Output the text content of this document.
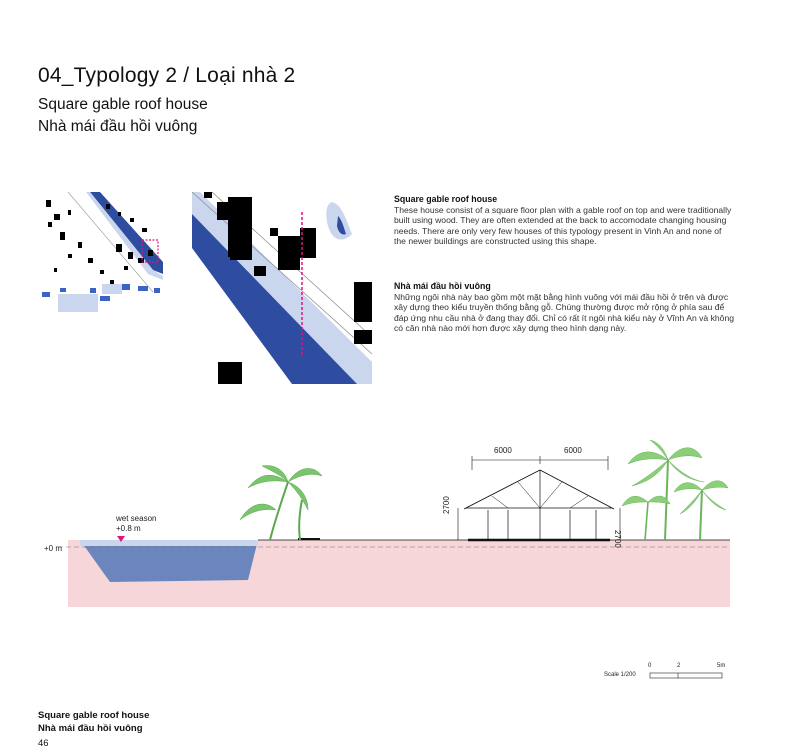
04_Typology 2 / Loại nhà 2
Square gable roof house
Nhà mái đầu hồi vuông
Square gable roof house

These house consist of a square floor plan with a gable roof on top and were traditionally built using wood. They are often extended at the back to accomodate changing housing needs. There are only very few houses of this typology present in Vinh An and none of the newer buildings are constructed using this shape.

Nhà mái đầu hồi vuông

Những ngôi nhà này bao gồm một mặt bằng hình vuông với mái đầu hồi ở trên và được xây dựng theo kiểu truyền thống bằng gỗ. Chúng thường được mở rộng ở phía sau để đáp ứng nhu cầu nhà ở đang thay đổi. Chỉ có rất ít ngôi nhà kiểu này ở Vĩnh An và không có căn nhà nào mới hơn được xây dựng theo hình dạng này.

wet season
+0.8 m
+0 m
6000	6000
2700
2700
Scale 1/200
0	2	5m
Square gable roof house
Nhà mái đầu hồi vuông
46
